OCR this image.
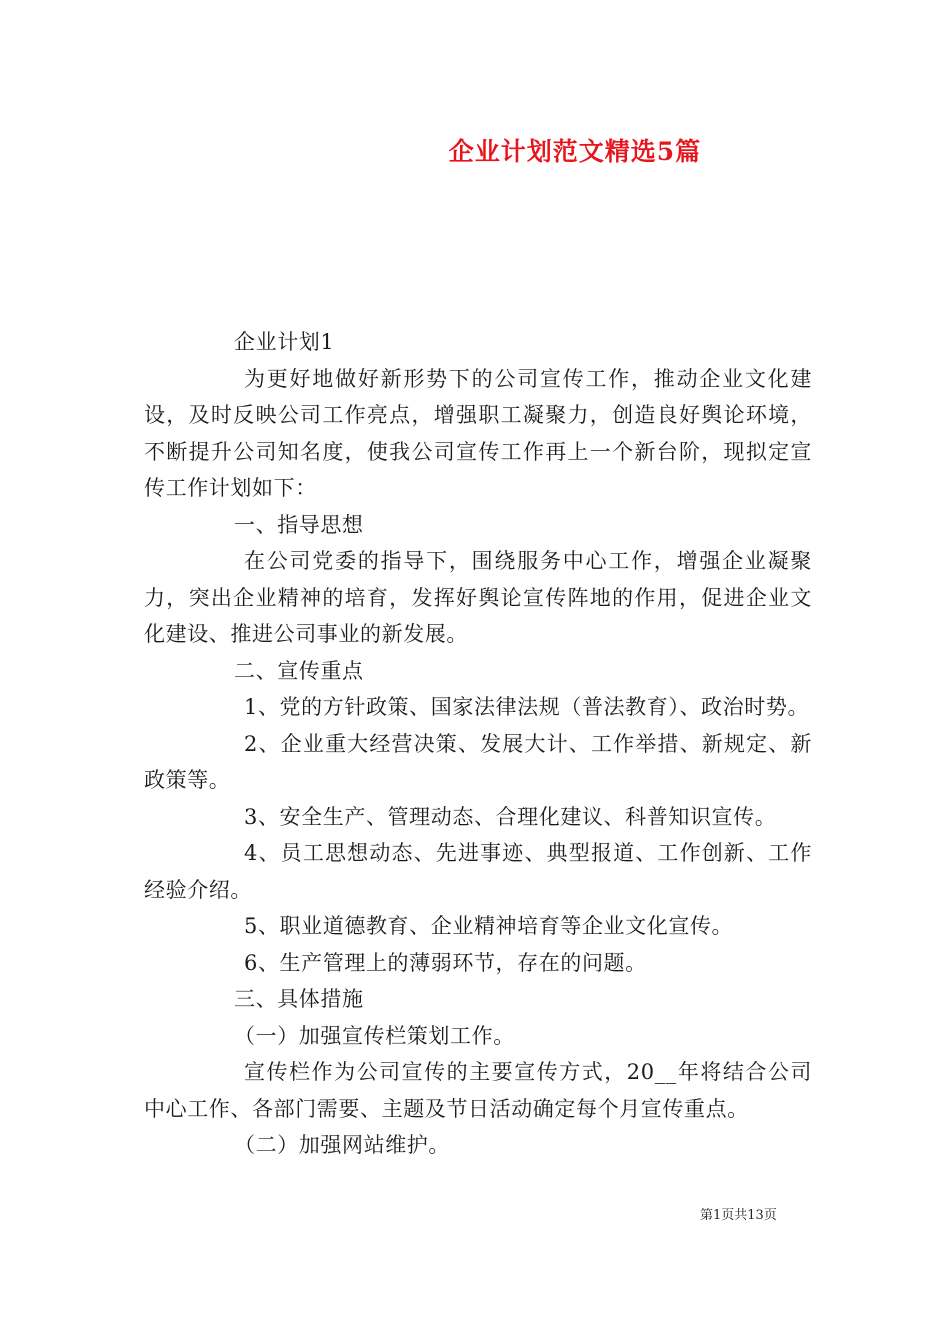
企业计划范文精选5篇

企业计划1

为更好地做好新形势下的公司宣传工作，推动企业文化建设，及时反映公司工作亮点，增强职工凝聚力，创造良好舆论环境，不断提升公司知名度，使我公司宣传工作再上一个新台阶，现拟定宣传工作计划如下：

一、指导思想

在公司党委的指导下，围绕服务中心工作，增强企业凝聚力，突出企业精神的培育，发挥好舆论宣传阵地的作用，促进企业文化建设、推进公司事业的新发展。

二、宣传重点

1、党的方针政策、国家法律法规（普法教育）、政治时势。

2、企业重大经营决策、发展大计、工作举措、新规定、新政策等。

3、安全生产、管理动态、合理化建议、科普知识宣传。

4、员工思想动态、先进事迹、典型报道、工作创新、工作经验介绍。

5、职业道德教育、企业精神培育等企业文化宣传。

6、生产管理上的薄弱环节，存在的问题。

三、具体措施

（一）加强宣传栏策划工作。

宣传栏作为公司宣传的主要宣传方式，20__年将结合公司中心工作、各部门需要、主题及节日活动确定每个月宣传重点。

（二）加强网站维护。

第1页共13页
